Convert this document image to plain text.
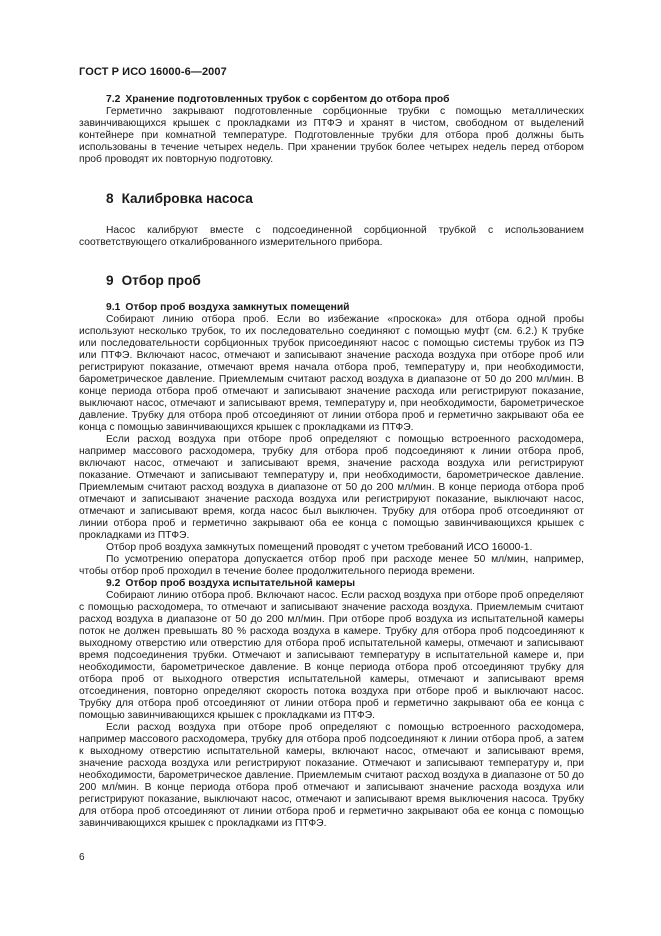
ГОСТ Р ИСО 16000-6—2007
7.2 Хранение подготовленных трубок с сорбентом до отбора проб

Герметично закрывают подготовленные сорбционные трубки с помощью металлических завинчивающихся крышек с прокладками из ПТФЭ и хранят в чистом, свободном от выделений контейнере при комнатной температуре. Подготовленные трубки для отбора проб должны быть использованы в течение четырех недель. При хранении трубок более четырех недель перед отбором проб проводят их повторную подготовку.

8 Калибровка насоса

Насос калибруют вместе с подсоединенной сорбционной трубкой с использованием соответствующего откалиброванного измерительного прибора.

9 Отбор проб
9.1 Отбор проб воздуха замкнутых помещений

Собирают линию отбора проб. Если во избежание «проскока» для отбора одной пробы используют несколько трубок, то их последовательно соединяют с помощью муфт (см. 6.2.) К трубке или последовательности сорбционных трубок присоединяют насос с помощью системы трубок из ПЭ или ПТФЭ. Включают насос, отмечают и записывают значение расхода воздуха при отборе проб или регистрируют показание, отмечают время начала отбора проб, температуру и, при необходимости, барометрическое давление. Приемлемым считают расход воздуха в диапазоне от 50 до 200 мл/мин. В конце периода отбора проб отмечают и записывают значение расхода или регистрируют показание, выключают насос, отмечают и записывают время, температуру и, при необходимости, барометрическое давление. Трубку для отбора проб отсоединяют от линии отбора проб и герметично закрывают оба ее конца с помощью завинчивающихся крышек с прокладками из ПТФЭ.

Если расход воздуха при отборе проб определяют с помощью встроенного расходомера, например массового расходомера, трубку для отбора проб подсоединяют к линии отбора проб, включают насос, отмечают и записывают время, значение расхода воздуха или регистрируют показание. Отмечают и записывают температуру и, при необходимости, барометрическое давление. Приемлемым считают расход воздуха в диапазоне от 50 до 200 мл/мин. В конце периода отбора проб отмечают и записывают значение расхода воздуха или регистрируют показание, выключают насос, отмечают и записывают время, когда насос был выключен. Трубку для отбора проб отсоединяют от линии отбора проб и герметично закрывают оба ее конца с помощью завинчивающихся крышек с прокладками из ПТФЭ.

Отбор проб воздуха замкнутых помещений проводят с учетом требований ИСО 16000-1.

По усмотрению оператора допускается отбор проб при расходе менее 50 мл/мин, например, чтобы отбор проб проходил в течение более продолжительного периода времени.

9.2 Отбор проб воздуха испытательной камеры

Собирают линию отбора проб. Включают насос. Если расход воздуха при отборе проб определяют с помощью расходомера, то отмечают и записывают значение расхода воздуха. Приемлемым считают расход воздуха в диапазоне от 50 до 200 мл/мин. При отборе проб воздуха из испытательной камеры поток не должен превышать 80 % расхода воздуха в камере. Трубку для отбора проб подсоединяют к выходному отверстию или отверстию для отбора проб испытательной камеры, отмечают и записывают время подсоединения трубки. Отмечают и записывают температуру в испытательной камере и, при необходимости, барометрическое давление. В конце периода отбора проб отсоединяют трубку для отбора проб от выходного отверстия испытательной камеры, отмечают и записывают время отсоединения, повторно определяют скорость потока воздуха при отборе проб и выключают насос. Трубку для отбора проб отсоединяют от линии отбора проб и герметично закрывают оба ее конца с помощью завинчивающихся крышек с прокладками из ПТФЭ.

Если расход воздуха при отборе проб определяют с помощью встроенного расходомера, например массового расходомера, трубку для отбора проб подсоединяют к линии отбора проб, а затем к выходному отверстию испытательной камеры, включают насос, отмечают и записывают время, значение расхода воздуха или регистрируют показание. Отмечают и записывают температуру и, при необходимости, барометрическое давление. Приемлемым считают расход воздуха в диапазоне от 50 до 200 мл/мин. В конце периода отбора проб отмечают и записывают значение расхода воздуха или регистрируют показание, выключают насос, отмечают и записывают время выключения насоса. Трубку для отбора проб отсоединяют от линии отбора проб и герметично закрывают оба ее конца с помощью завинчивающихся крышек с прокладками из ПТФЭ.

6
